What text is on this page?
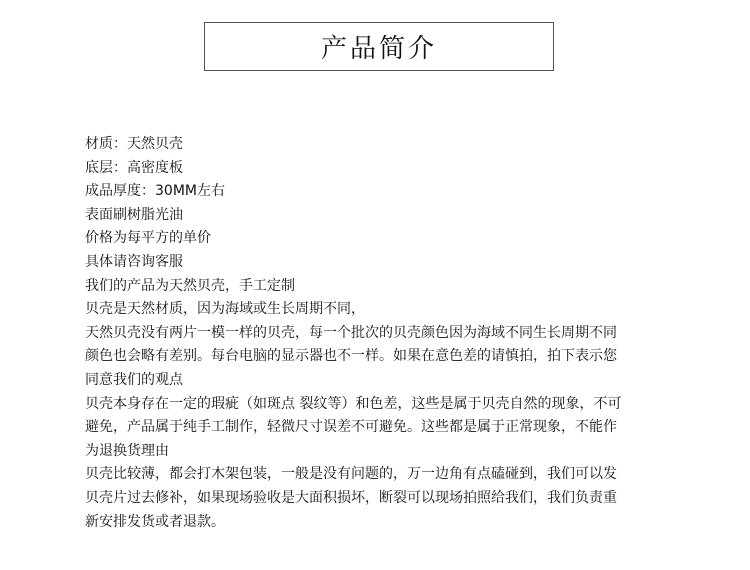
产品简介
材质：天然贝壳
底层：高密度板
成品厚度：30MM左右
表面刷树脂光油
价格为每平方的单价
具体请咨询客服
我们的产品为天然贝壳，手工定制
贝壳是天然材质，因为海域或生长周期不同，
天然贝壳没有两片一模一样的贝壳，每一个批次的贝壳颜色因为海域不同生长周期不同
颜色也会略有差别。每台电脑的显示器也不一样。如果在意色差的请慎拍，拍下表示您
同意我们的观点
贝壳本身存在一定的瑕疵（如斑点 裂纹等）和色差，这些是属于贝壳自然的现象，不可
避免，产品属于纯手工制作，轻微尺寸误差不可避免。这些都是属于正常现象，不能作
为退换货理由
贝壳比较薄，都会打木架包装，一般是没有问题的，万一边角有点磕碰到，我们可以发
贝壳片过去修补，如果现场验收是大面积损坏，断裂可以现场拍照给我们，我们负责重
新安排发货或者退款。
